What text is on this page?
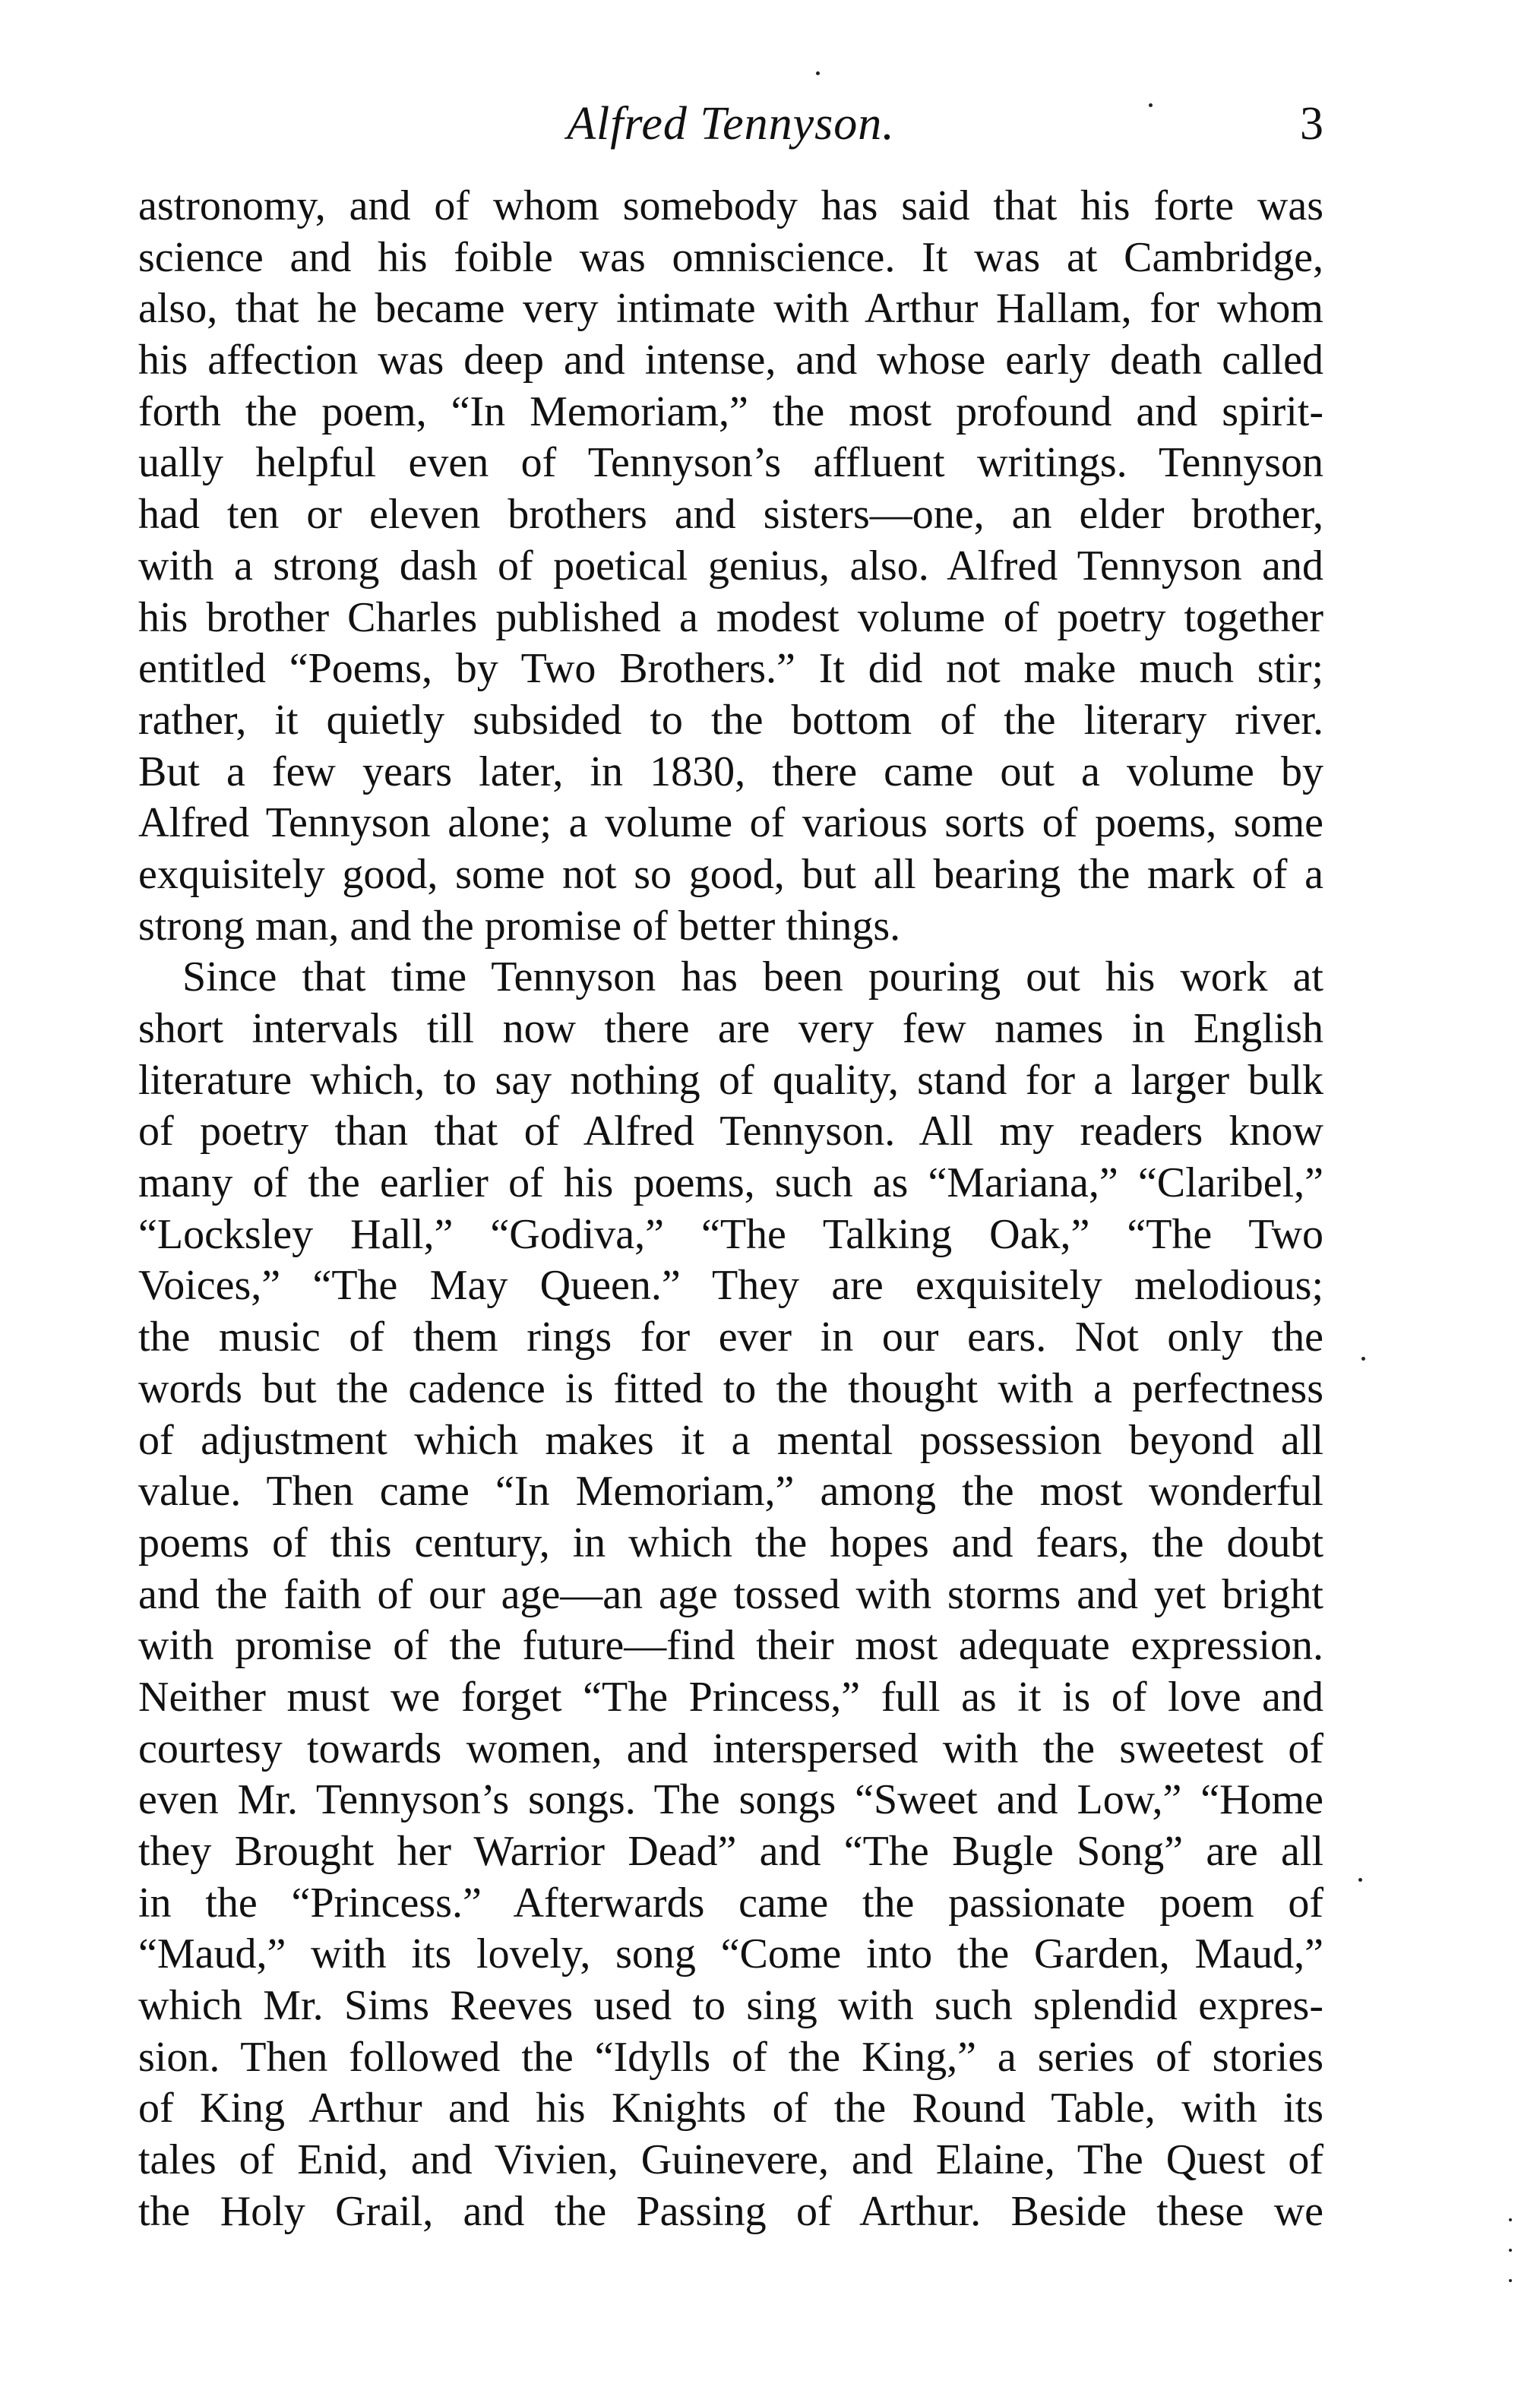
Alfred Tennyson.	3
astronomy, and of whom somebody has said that his forte was
science and his foible was omniscience. It was at Cambridge,
also, that he became very intimate with Arthur Hallam, for whom
his affection was deep and intense, and whose early death called
forth the poem, “In Memoriam,” the most profound and spirit-
ually helpful even of Tennyson’s affluent writings. Tennyson
had ten or eleven brothers and sisters—one, an elder brother,
with a strong dash of poetical genius, also. Alfred Tennyson and
his brother Charles published a modest volume of poetry together
entitled “Poems, by Two Brothers.” It did not make much stir;
rather, it quietly subsided to the bottom of the literary river.
But a few years later, in 1830, there came out a volume by
Alfred Tennyson alone; a volume of various sorts of poems, some
exquisitely good, some not so good, but all bearing the mark of a
strong man, and the promise of better things.
Since that time Tennyson has been pouring out his work at
short intervals till now there are very few names in English
literature which, to say nothing of quality, stand for a larger bulk
of poetry than that of Alfred Tennyson. All my readers know
many of the earlier of his poems, such as “Mariana,” “Claribel,”
“Locksley Hall,” “Godiva,” “The Talking Oak,” “The Two
Voices,” “The May Queen.” They are exquisitely melodious;
the music of them rings for ever in our ears. Not only the
words but the cadence is fitted to the thought with a perfectness
of adjustment which makes it a mental possession beyond all
value. Then came “In Memoriam,” among the most wonderful
poems of this century, in which the hopes and fears, the doubt
and the faith of our age—an age tossed with storms and yet bright
with promise of the future—find their most adequate expression.
Neither must we forget “The Princess,” full as it is of love and
courtesy towards women, and interspersed with the sweetest of
even Mr. Tennyson’s songs. The songs “Sweet and Low,” “Home
they Brought her Warrior Dead” and “The Bugle Song” are all
in the “Princess.” Afterwards came the passionate poem of
“Maud,” with its lovely, song “Come into the Garden, Maud,”
which Mr. Sims Reeves used to sing with such splendid expres-
sion. Then followed the “Idylls of the King,” a series of stories
of King Arthur and his Knights of the Round Table, with its
tales of Enid, and Vivien, Guinevere, and Elaine, The Quest of
the Holy Grail, and the Passing of Arthur. Beside these we
